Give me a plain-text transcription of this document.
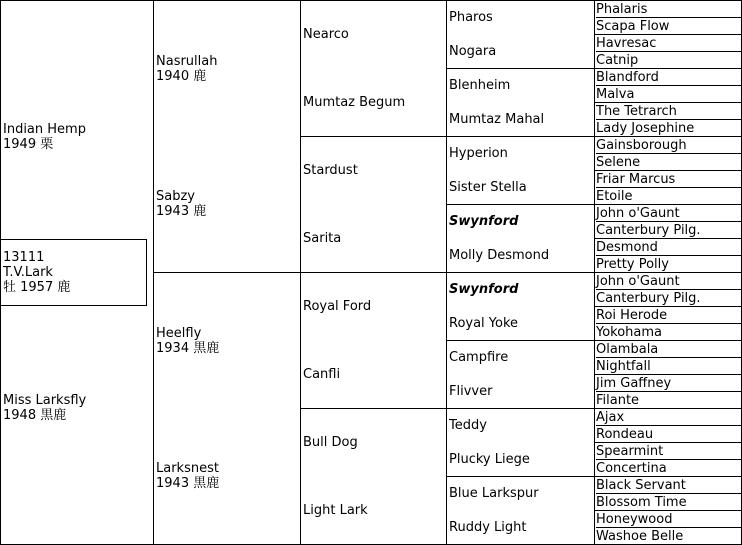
13111
T.V.Lark
牡 1957 鹿
Indian Hemp
1949 栗
Miss Larksfly
1948 黒鹿
Nasrullah
1940 鹿
Sabzy
1943 鹿
Heelfly
1934 黒鹿
Larksnest
1943 黒鹿
Nearco
Mumtaz Begum
Stardust
Sarita
Royal Ford
Canfli
Bull Dog
Light Lark
Pharos
Nogara
Blenheim
Mumtaz Mahal
Hyperion
Sister Stella
Swynford
Molly Desmond
Swynford
Royal Yoke
Campfire
Flivver
Teddy
Plucky Liege
Blue Larkspur
Ruddy Light
Phalaris
Scapa Flow
Havresac
Catnip
Blandford
Malva
The Tetrarch
Lady Josephine
Gainsborough
Selene
Friar Marcus
Etoile
John o'Gaunt
Canterbury Pilg.
Desmond
Pretty Polly
John o'Gaunt
Canterbury Pilg.
Roi Herode
Yokohama
Olambala
Nightfall
Jim Gaffney
Filante
Ajax
Rondeau
Spearmint
Concertina
Black Servant
Blossom Time
Honeywood
Washoe Belle
